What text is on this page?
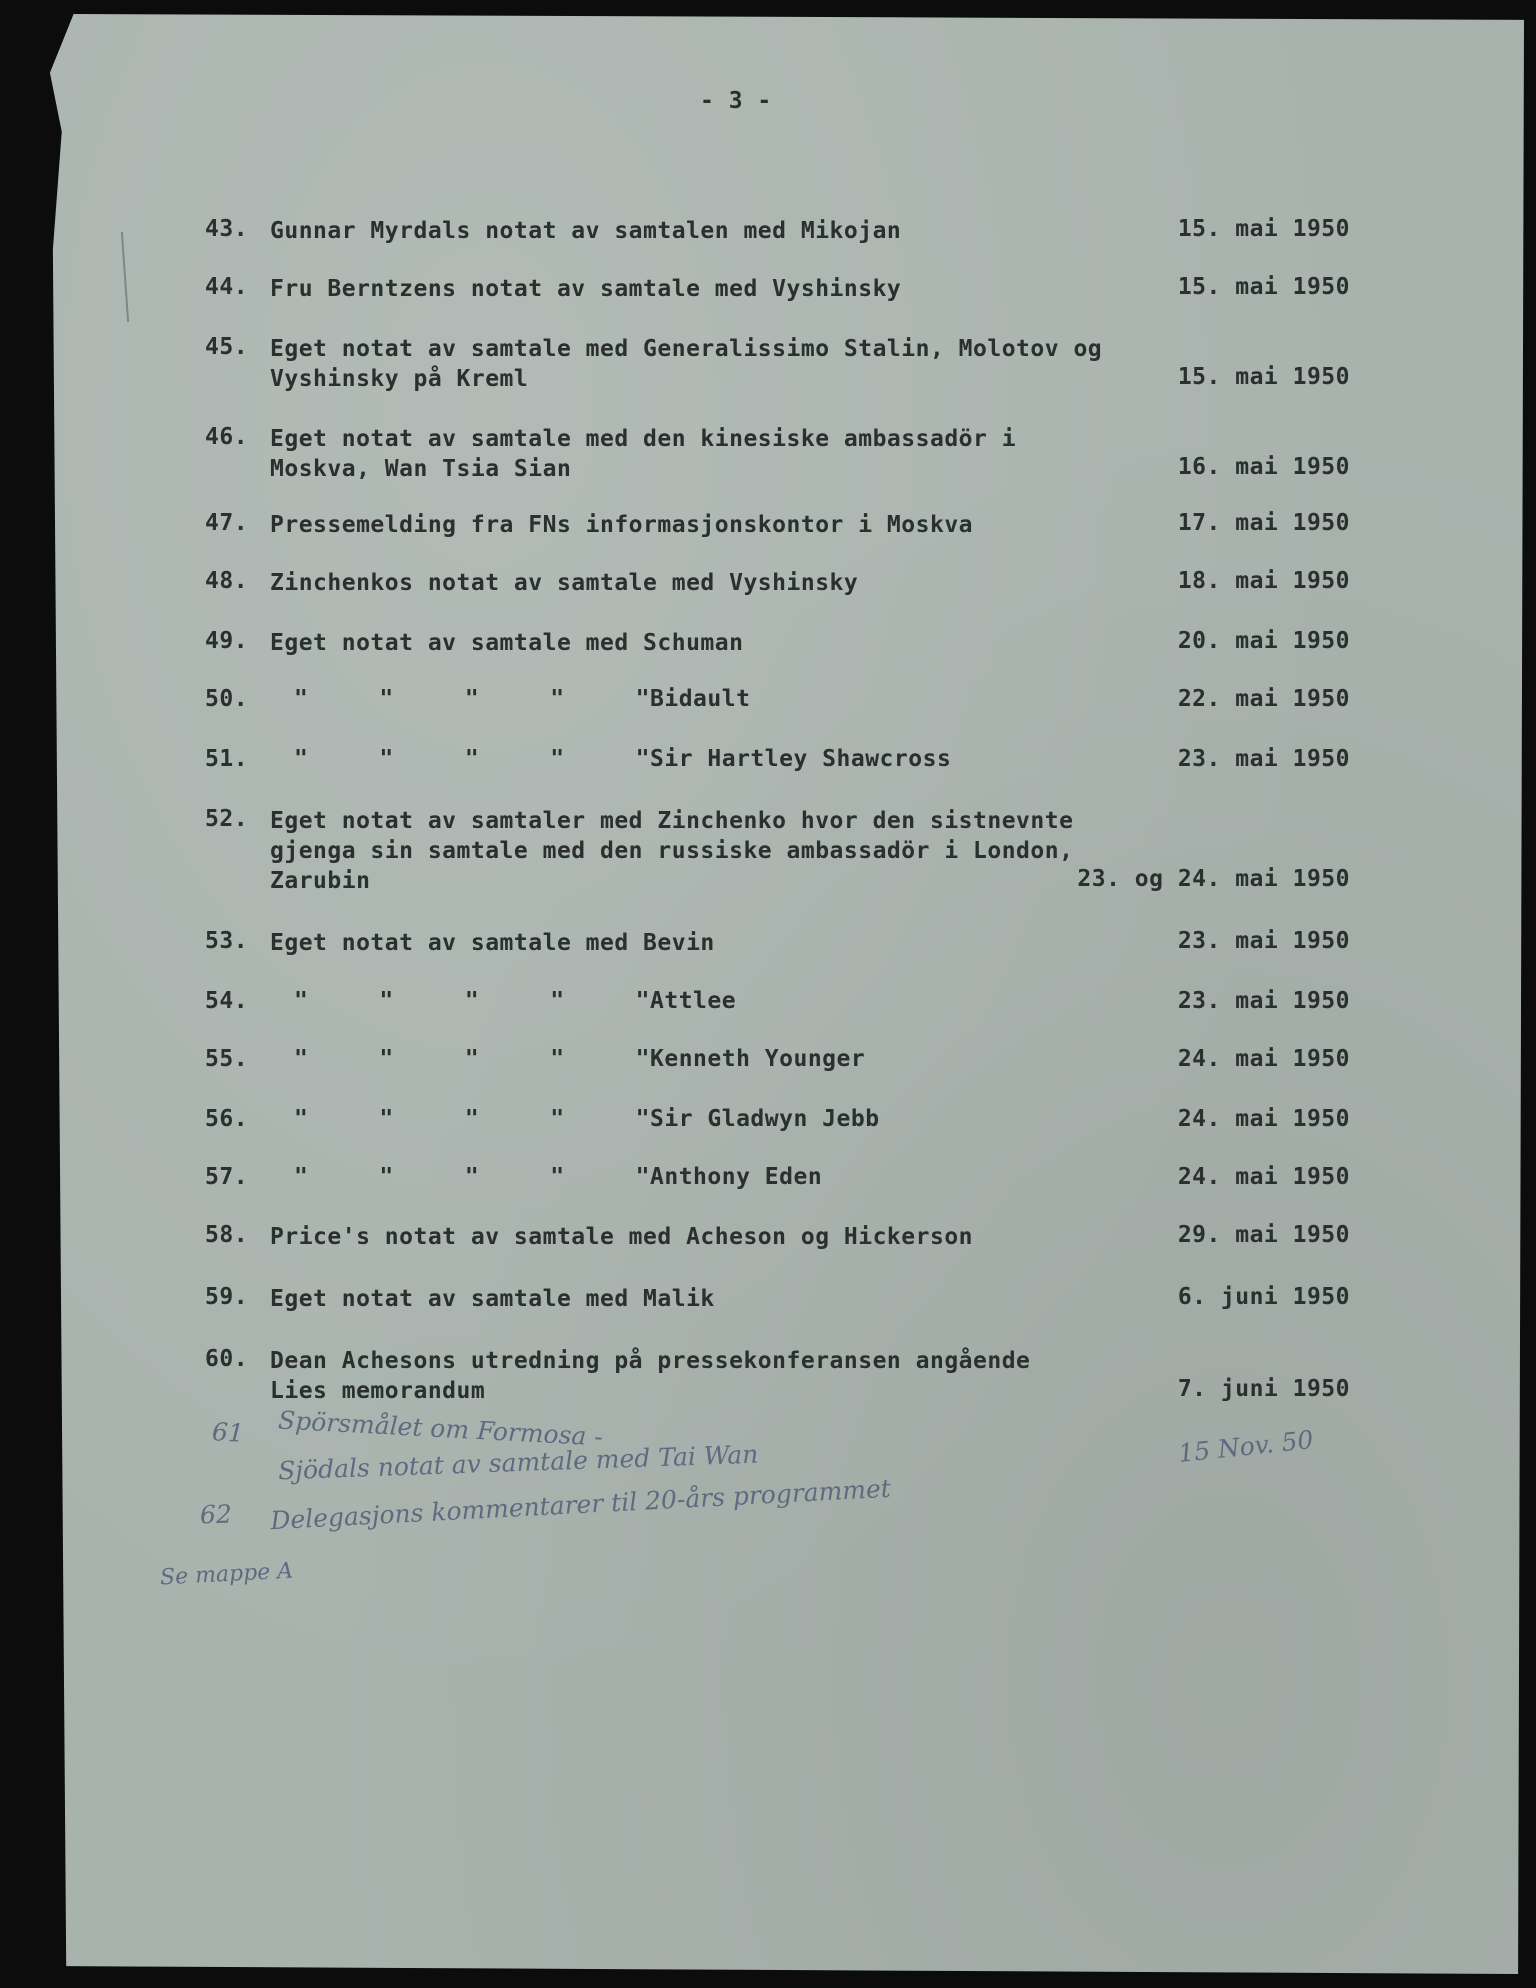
- 3 -
43. Gunnar Myrdals notat av samtalen med Mikojan	15. mai 1950
44. Fru Berntzens notat av samtale med Vyshinsky	15. mai 1950
45. Eget notat av samtale med Generalissimo Stalin, Molotov og
Vyshinsky på Kreml	15. mai 1950
46. Eget notat av samtale med den kinesiske ambassadör i
Moskva, Wan Tsia Sian	16. mai 1950
47. Pressemelding fra FNs informasjonskontor i Moskva	17. mai 1950
48. Zinchenkos notat av samtale med Vyshinsky	18. mai 1950
49. Eget notat av samtale med Schuman	20. mai 1950
50.	"	"	"	"	" Bidault	22. mai 1950
51.	"	"	"	"	" Sir Hartley Shawcross	23. mai 1950
52. Eget notat av samtaler med Zinchenko hvor den sistnevnte
gjenga sin samtale med den russiske ambassadör i London,
Zarubin	23. og 24. mai 1950
53. Eget notat av samtale med Bevin	23. mai 1950
54.	"	"	"	"	" Attlee	23. mai 1950
55.	"	"	"	"	" Kenneth Younger	24. mai 1950
56.	"	"	"	"	" Sir Gladwyn Jebb	24. mai 1950
57.	"	"	"	"	" Anthony Eden	24. mai 1950
58. Price's notat av samtale med Acheson og Hickerson	29. mai 1950
59. Eget notat av samtale med Malik	6. juni 1950
60. Dean Achesons utredning på pressekonferansen angående
Lies memorandum	7. juni 1950
61 Spörsmålet om Formosa -
Sjödals notat av samtale med Tai Wan	15 Nov. 50
62 Delegasjons kommentarer til 20-års programmet
Se mappe A
